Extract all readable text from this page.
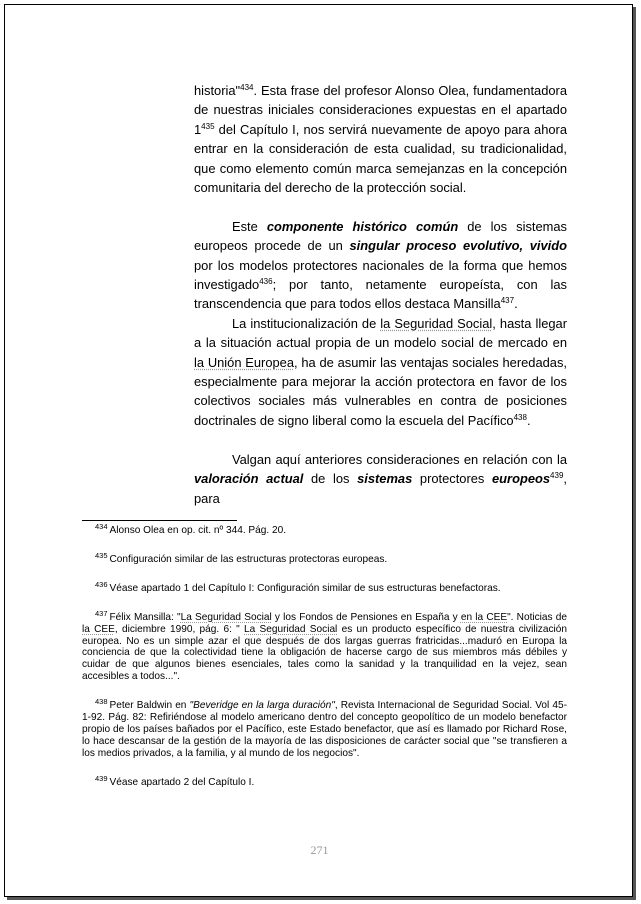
historia"$^{434}$. Esta frase del profesor Alonso Olea, fundamentadora de nuestras iniciales consideraciones expuestas en el apartado $1^{435}$ del Capítulo I, nos servirá nuevamente de apoyo para ahora entrar en la consideración de esta cualidad, su tradicionalidad, que como elemento común marca semejanzas en la concepción comunitaria del derecho de la protección social.

Este componente histórico común de los sistemas europeos procede de un singular proceso evolutivo, vivido por los modelos protectores nacionales de la forma que hemos investigado$^{436}$; por tanto, netamente europeísta, con las transcendencia que para todos ellos destaca Mansilla$^{437}$.

La institucionalización de la Seguridad Social, hasta llegar a la situación actual propia de un modelo social de mercado en la Unión Europea, ha de asumir las ventajas sociales heredadas, especialmente para mejorar la acción protectora en favor de los colectivos sociales más vulnerables en contra de posiciones doctrinales de signo liberal como la escuela del Pacífico$^{438}$.

Valgan aquí anteriores consideraciones en relación con la valoración actual de los sistemas protectores europeos$^{439}$, para

$^{434}$ Alonso Olea en op. cit. nº 344. Pág. 20.

$^{435}$ Configuración similar de las estructuras protectoras europeas.

$^{436}$ Véase apartado 1 del Capítulo I: Configuración similar de sus estructuras benefactoras.

$^{437}$ Félix Mansilla: "La Seguridad Social y los Fondos de Pensiones en España y en la CEE". Noticias de la CEE, diciembre 1990, pág. 6: " La Seguridad Social es un producto específico de nuestra civilización europea. No es un simple azar el que después de dos largas guerras fratricidas...maduró en Europa la conciencia de que la colectividad tiene la obligación de hacerse cargo de sus miembros más débiles y cuidar de que algunos bienes esenciales, tales como la sanidad y la tranquilidad en la vejez, sean accesibles a todos...".

$^{438}$ Peter Baldwin en "Beveridge en la larga duración", Revista Internacional de Seguridad Social. Vol 45-1-92. Pág. 82: Refiriéndose al modelo americano dentro del concepto geopolítico de un modelo benefactor propio de los países bañados por el Pacífico, este Estado benefactor, que así es llamado por Richard Rose, lo hace descansar de la gestión de la mayoría de las disposiciones de carácter social que "se transfieren a los medios privados, a la familia, y al mundo de los negocios".

$^{439}$ Véase apartado 2 del Capítulo I.

271
